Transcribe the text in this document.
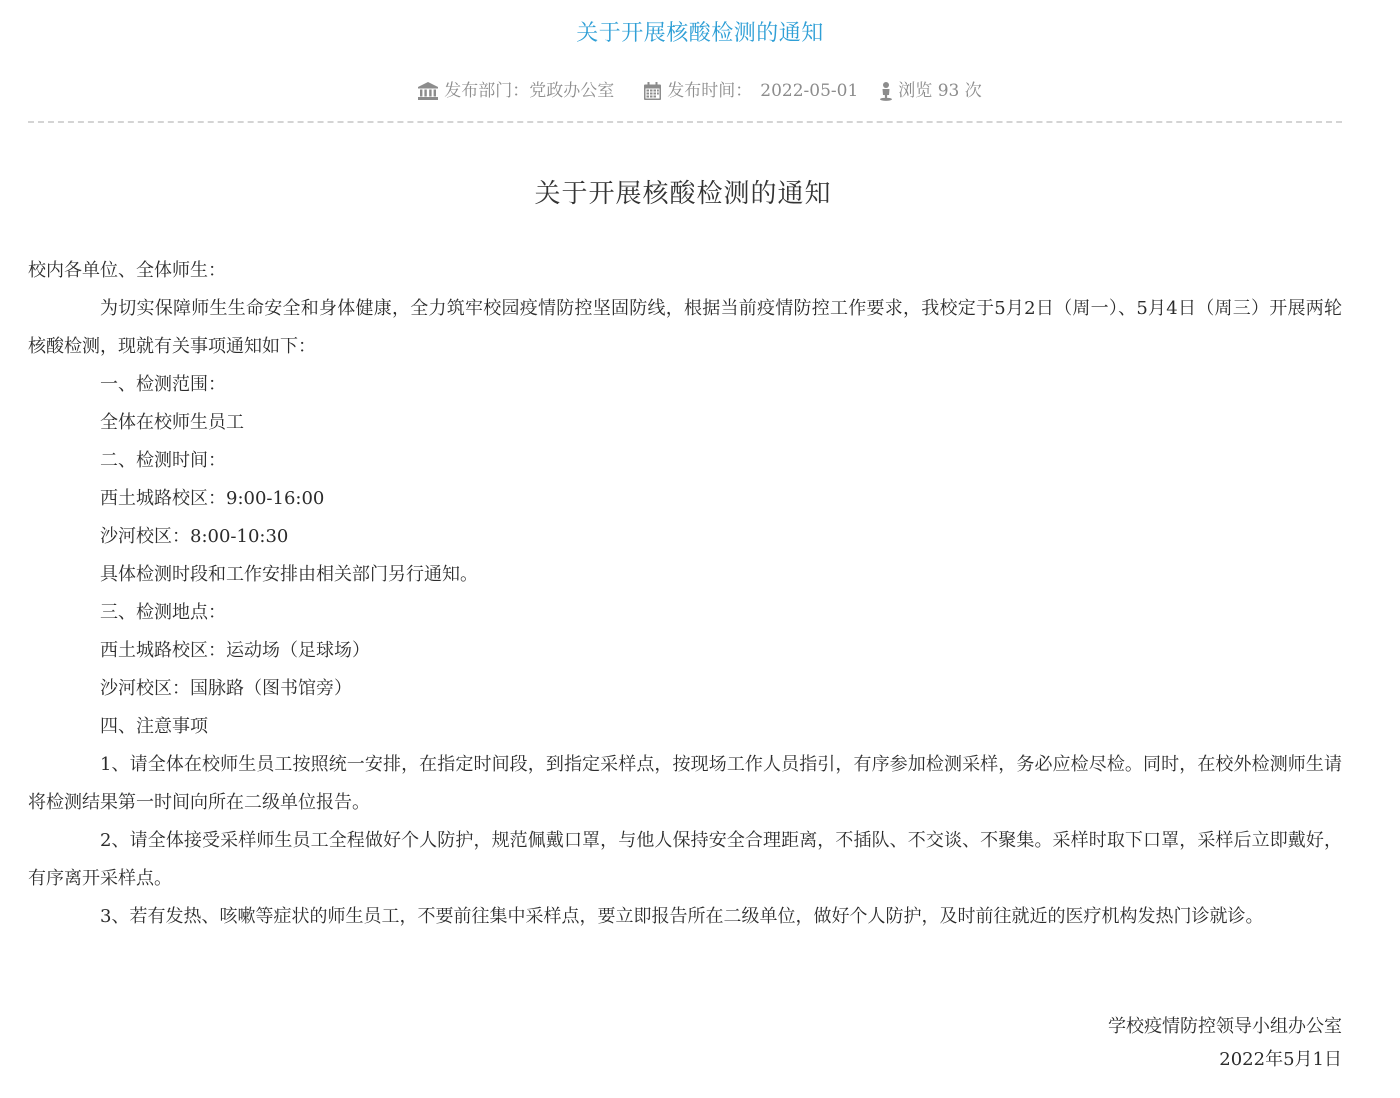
关于开展核酸检测的通知
发布部门 ： 党政办公室	发布时间 ： 2022-05-01 浏览
93
次
关于开展核酸检测的通知

校内各单位、全体师生：

为切实保障师生生命安全和身体健康，全力筑牢校园疫情防控坚固防线，根据当前疫情防控工作要求，我校定于5月2日（周一）、5月4日（周三）开展两轮核酸检测，现就有关事项通知如下：

一、检测范围：

全体在校师生员工

二、检测时间：

西土城路校区：9:00-16:00

沙河校区：8:00-10:30

具体检测时段和工作安排由相关部门另行通知。

三、检测地点：

西土城路校区：运动场（足球场）

沙河校区：国脉路（图书馆旁）

四、注意事项

1、请全体在校师生员工按照统一安排，在指定时间段，到指定采样点，按现场工作人员指引，有序参加检测采样，务必应检尽检。同时，在校外检测师生请将检测结果第一时间向所在二级单位报告。

2、请全体接受采样师生员工全程做好个人防护，规范佩戴口罩，与他人保持安全合理距离，不插队、不交谈、不聚集。采样时取下口罩，采样后立即戴好，有序离开采样点。

3、若有发热、咳嗽等症状的师生员工，不要前往集中采样点，要立即报告所在二级单位，做好个人防护，及时前往就近的医疗机构发热门诊就诊。

学校疫情防控领导小组办公室
2022年5月1日
